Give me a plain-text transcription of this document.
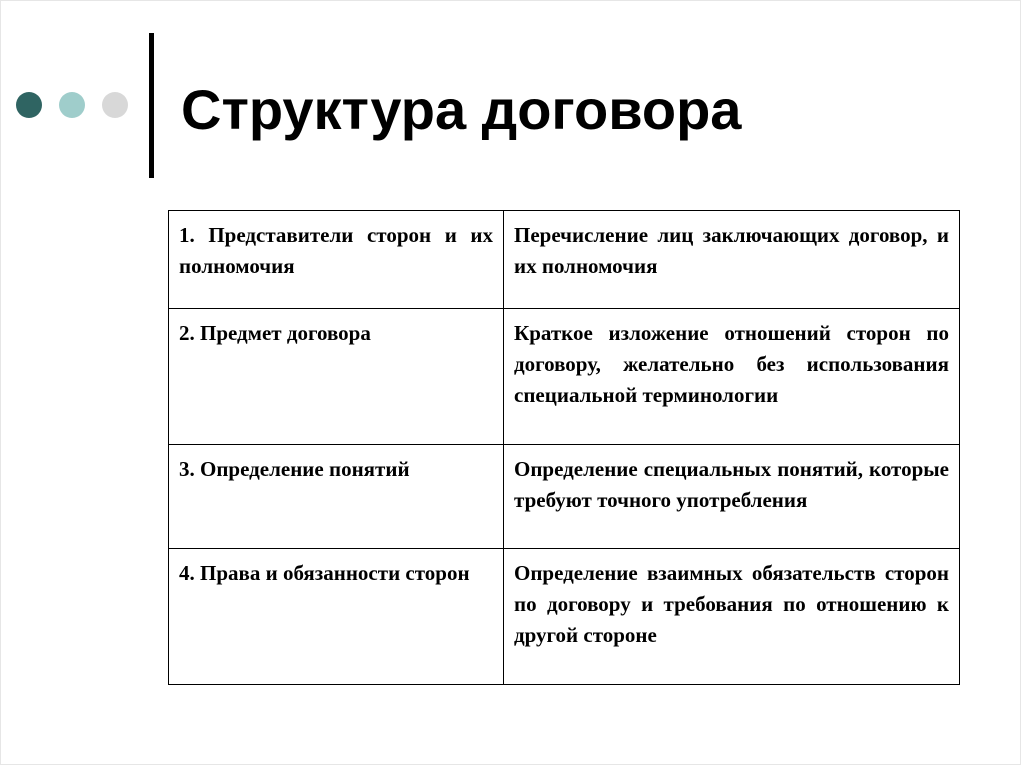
Структура договора
1. Представители сторон и их полномочия	Перечисление лиц заключающих договор, и их полномочия

2. Предмет договора	Краткое изложение отношений сторон по договору, желательно без использования специальной терминологии

3. Определение понятий	Определение специальных понятий, которые требуют точного употребления

4. Права и обязанности сторон	Определение взаимных обязательств сторон по договору и требования по отношению к другой стороне
